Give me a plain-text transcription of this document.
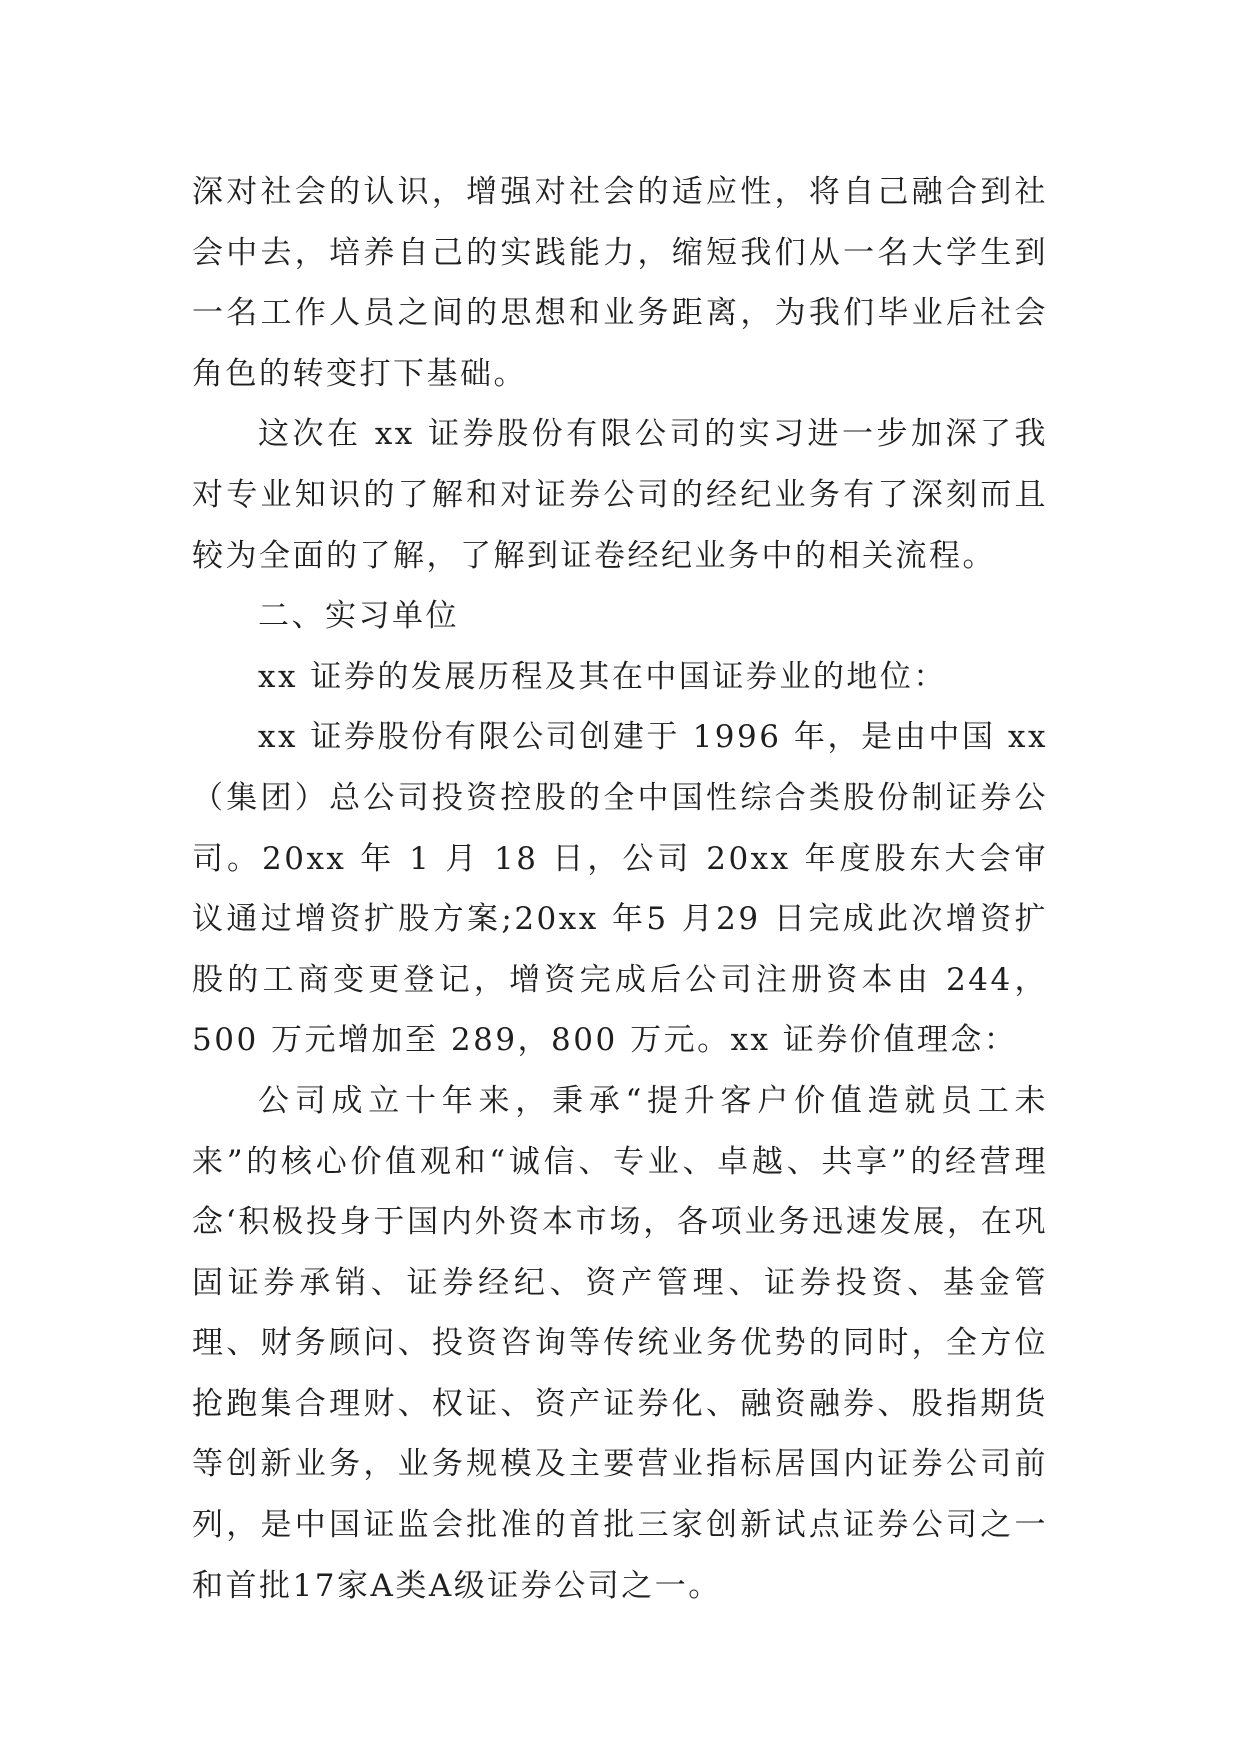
深对社会的认识，增强对社会的适应性，将自己融合到社会中去，培养自己的实践能力，缩短我们从一名大学生到一名工作人员之间的思想和业务距离，为我们毕业后社会角色的转变打下基础。

这次在 xx 证券股份有限公司的实习进一步加深了我对专业知识的了解和对证券公司的经纪业务有了深刻而且较为全面的了解，了解到证卷经纪业务中的相关流程。

二、实习单位

xx 证券的发展历程及其在中国证券业的地位：

xx 证券股份有限公司创建于 1996 年，是由中国 xx（集团）总公司投资控股的全中国性综合类股份制证券公司。20xx 年 1 月 18 日，公司 20xx 年度股东大会审议通过增资扩股方案;20xx 年5 月29 日完成此次增资扩股的工商变更登记，增资完成后公司注册资本由 244，500 万元增加至 289，800 万元。xx 证券价值理念：

公司成立十年来，秉承“提升客户价值造就员工未来”的核心价值观和“诚信、专业、卓越、共享”的经营理念‘积极投身于国内外资本市场，各项业务迅速发展，在巩固证券承销、证券经纪、资产管理、证券投资、基金管理、财务顾问、投资咨询等传统业务优势的同时，全方位抢跑集合理财、权证、资产证券化、融资融券、股指期货等创新业务，业务规模及主要营业指标居国内证券公司前列，是中国证监会批准的首批三家创新试点证券公司之一和首批17家A类A级证券公司之一。
